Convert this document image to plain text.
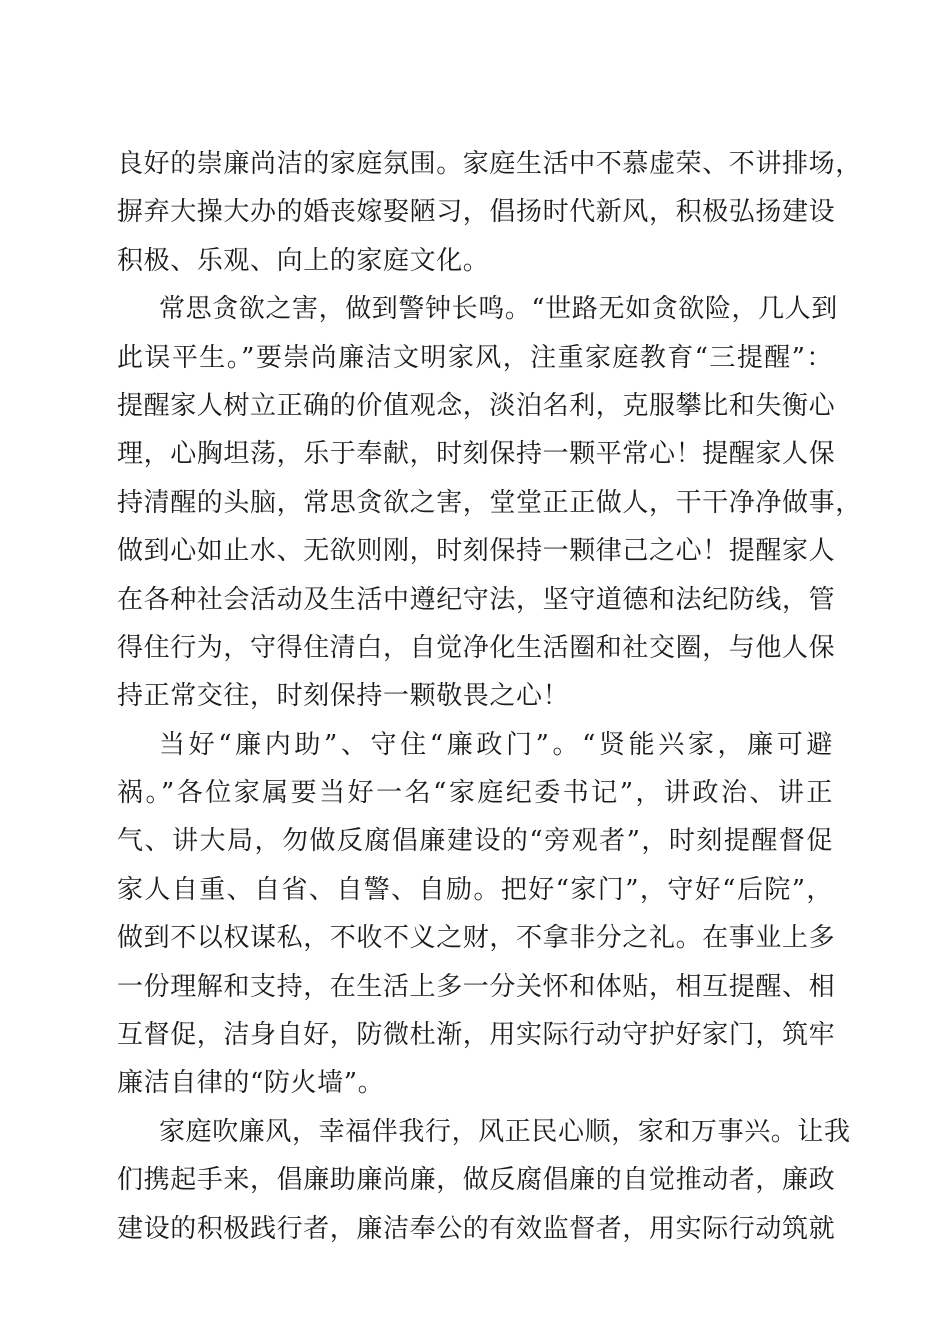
良好的崇廉尚洁的家庭氛围。家庭生活中不慕虚荣、不讲排场，
摒弃大操大办的婚丧嫁娶陋习，倡扬时代新风，积极弘扬建设
积极、乐观、向上的家庭文化。
常思贪欲之害，做到警钟长鸣。“世路无如贪欲险，几人到
此误平生。”要崇尚廉洁文明家风，注重家庭教育“三提醒”：
提醒家人树立正确的价值观念，淡泊名利，克服攀比和失衡心
理，心胸坦荡，乐于奉献，时刻保持一颗平常心！提醒家人保
持清醒的头脑，常思贪欲之害，堂堂正正做人，干干净净做事，
做到心如止水、无欲则刚，时刻保持一颗律己之心！提醒家人
在各种社会活动及生活中遵纪守法，坚守道德和法纪防线，管
得住行为，守得住清白，自觉净化生活圈和社交圈，与他人保
持正常交往，时刻保持一颗敬畏之心！
当好“廉内助”、守住“廉政门”。“贤能兴家，廉可避
祸。”各位家属要当好一名“家庭纪委书记”，讲政治、讲正
气、讲大局，勿做反腐倡廉建设的“旁观者”，时刻提醒督促
家人自重、自省、自警、自励。把好“家门”，守好“后院”，
做到不以权谋私，不收不义之财，不拿非分之礼。在事业上多
一份理解和支持，在生活上多一分关怀和体贴，相互提醒、相
互督促，洁身自好，防微杜渐，用实际行动守护好家门，筑牢
廉洁自律的“防火墙”。
家庭吹廉风，幸福伴我行，风正民心顺，家和万事兴。让我
们携起手来，倡廉助廉尚廉，做反腐倡廉的自觉推动者，廉政
建设的积极践行者，廉洁奉公的有效监督者，用实际行动筑就
